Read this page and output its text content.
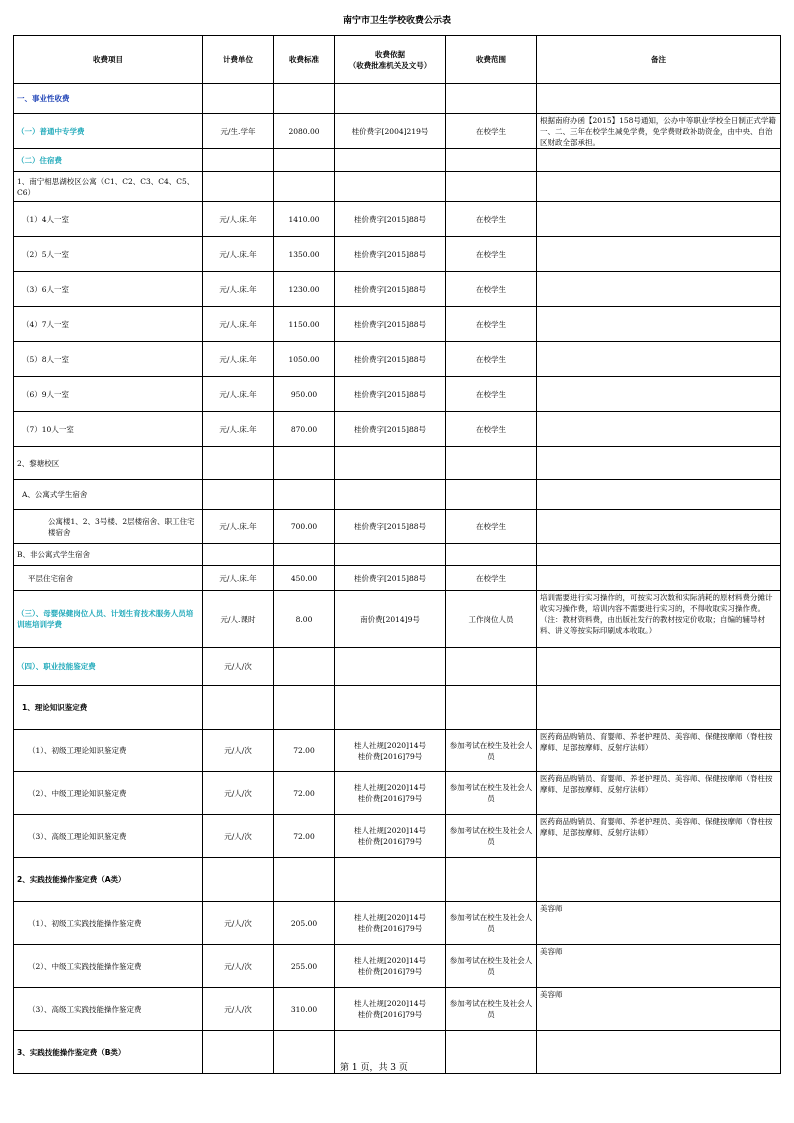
南宁市卫生学校收费公示表
收费项目	计费单位	收费标准	收费依据
（收费批准机关及文号）	收费范围	备注
一、事业性收费					
（一）普通中专学费	元/生.学年	2080.00	桂价费字[2004]219号	在校学生	根据南府办函【2015】158号通知，公办中等职业学校全日制正式学籍一、二、三年在校学生减免学费，免学费财政补助资金，由中央、自治区财政全部承担。
（二）住宿费					
1、南宁相思湖校区公寓（C1、C2、C3、C4、C5、C6）					
（1）4人一室	元/人.床.年	1410.00	桂价费字[2015]88号	在校学生	
（2）5人一室	元/人.床.年	1350.00	桂价费字[2015]88号	在校学生	
（3）6人一室	元/人.床.年	1230.00	桂价费字[2015]88号	在校学生	
（4）7人一室	元/人.床.年	1150.00	桂价费字[2015]88号	在校学生	
（5）8人一室	元/人.床.年	1050.00	桂价费字[2015]88号	在校学生	
（6）9人一室	元/人.床.年	950.00	桂价费字[2015]88号	在校学生	
（7）10人一室	元/人.床.年	870.00	桂价费字[2015]88号	在校学生	
2、黎塘校区					
A、公寓式学生宿舍					
公寓楼1、2、3号楼、2层楼宿舍、职工住宅楼宿舍	元/人.床.年	700.00	桂价费字[2015]88号	在校学生	
B、非公寓式学生宿舍					
平层住宅宿舍	元/人.床.年	450.00	桂价费字[2015]88号	在校学生	
（三）、母婴保健岗位人员、计划生育技术服务人员培训班培训学费	元/人.课时	8.00	南价费[2014]9号	工作岗位人员	培训需要进行实习操作的，可按实习次数和实际消耗的原材料费分摊计收实习操作费，培训内容不需要进行实习的，不得收取实习操作费。（注：教材资料费，由出版社发行的教材按定价收取；自编的辅导材料、讲义等按实际印刷成本收取。）
（四）、职业技能鉴定费	元/人/次				
1、理论知识鉴定费					
（1）、初级工理论知识鉴定费	元/人/次	72.00	桂人社规[2020]14号
桂价费[2016]79号	参加考试在校生及社会人员	医药商品购销员、育婴师、养老护理员、美容师、保健按摩师（脊柱按摩师、足部按摩师、反射疗法师）
（2）、中级工理论知识鉴定费	元/人/次	72.00	桂人社规[2020]14号
桂价费[2016]79号	参加考试在校生及社会人员	医药商品购销员、育婴师、养老护理员、美容师、保健按摩师（脊柱按摩师、足部按摩师、反射疗法师）
（3）、高级工理论知识鉴定费	元/人/次	72.00	桂人社规[2020]14号
桂价费[2016]79号	参加考试在校生及社会人员	医药商品购销员、育婴师、养老护理员、美容师、保健按摩师（脊柱按摩师、足部按摩师、反射疗法师）
2、实践技能操作鉴定费（A类）					
（1）、初级工实践技能操作鉴定费	元/人/次	205.00	桂人社规[2020]14号
桂价费[2016]79号	参加考试在校生及社会人员	美容师
（2）、中级工实践技能操作鉴定费	元/人/次	255.00	桂人社规[2020]14号
桂价费[2016]79号	参加考试在校生及社会人员	美容师
（3）、高级工实践技能操作鉴定费	元/人/次	310.00	桂人社规[2020]14号
桂价费[2016]79号	参加考试在校生及社会人员	美容师
3、实践技能操作鉴定费（B类）					
第 1 页，共 3 页
